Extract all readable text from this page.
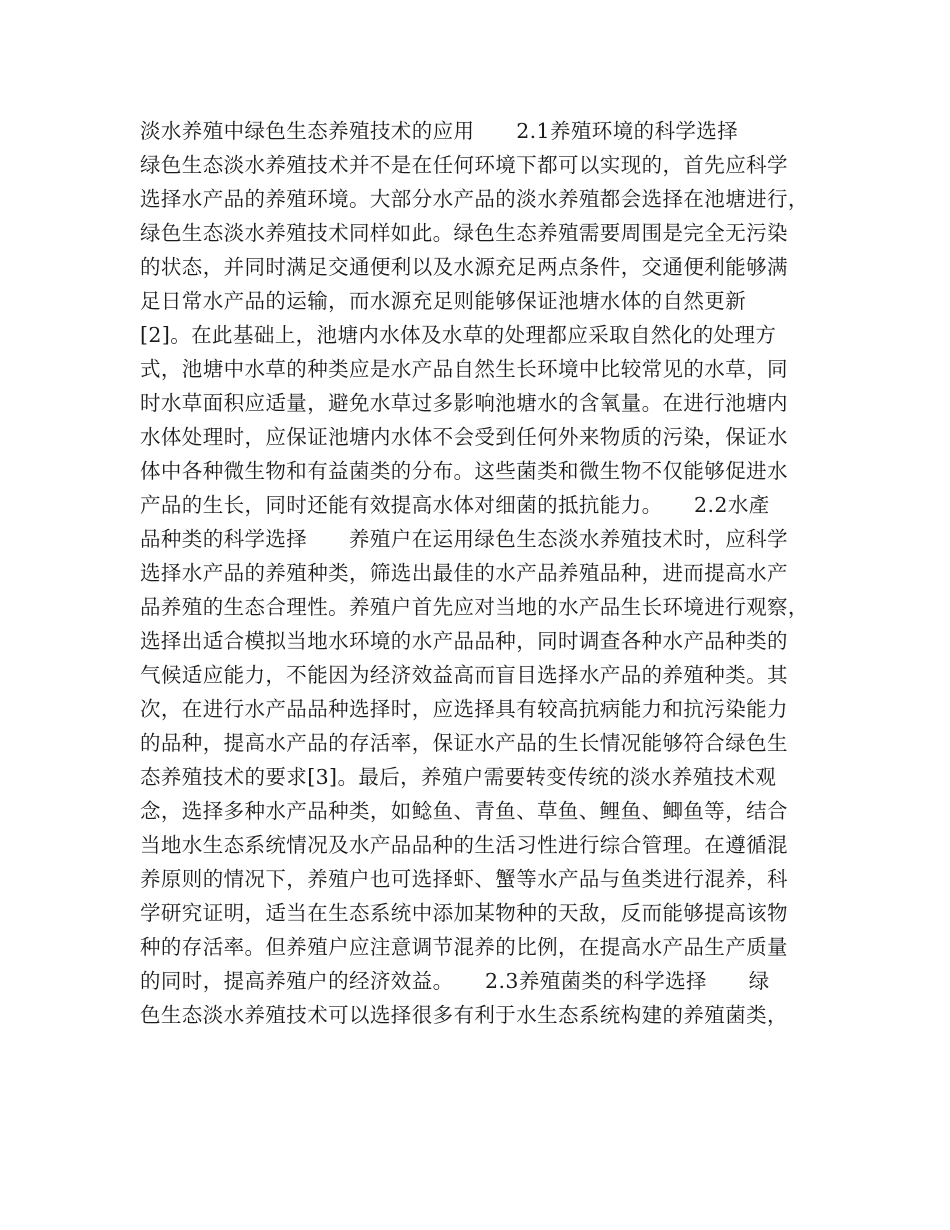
淡水养殖中绿色生态养殖技术的应用　　2.1养殖环境的科学选择
绿色生态淡水养殖技术并不是在任何环境下都可以实现的，首先应科学
选择水产品的养殖环境。大部分水产品的淡水养殖都会选择在池塘进行，
绿色生态淡水养殖技术同样如此。绿色生态养殖需要周围是完全无污染
的状态，并同时满足交通便利以及水源充足两点条件，交通便利能够满
足日常水产品的运输，而水源充足则能够保证池塘水体的自然更新
[2]。在此基础上，池塘内水体及水草的处理都应采取自然化的处理方
式，池塘中水草的种类应是水产品自然生长环境中比较常见的水草，同
时水草面积应适量，避免水草过多影响池塘水的含氧量。在进行池塘内
水体处理时，应保证池塘内水体不会受到任何外来物质的污染，保证水
体中各种微生物和有益菌类的分布。这些菌类和微生物不仅能够促进水
产品的生长，同时还能有效提高水体对细菌的抵抗能力。　　2.2水產
品种类的科学选择　　养殖户在运用绿色生态淡水养殖技术时，应科学
选择水产品的养殖种类，筛选出最佳的水产品养殖品种，进而提高水产
品养殖的生态合理性。养殖户首先应对当地的水产品生长环境进行观察，
选择出适合模拟当地水环境的水产品品种，同时调查各种水产品种类的
气候适应能力，不能因为经济效益高而盲目选择水产品的养殖种类。其
次，在进行水产品品种选择时，应选择具有较高抗病能力和抗污染能力
的品种，提高水产品的存活率，保证水产品的生长情况能够符合绿色生
态养殖技术的要求[3]。最后，养殖户需要转变传统的淡水养殖技术观
念，选择多种水产品种类，如鲶鱼、青鱼、草鱼、鲤鱼、鲫鱼等，结合
当地水生态系统情况及水产品品种的生活习性进行综合管理。在遵循混
养原则的情况下，养殖户也可选择虾、蟹等水产品与鱼类进行混养，科
学研究证明，适当在生态系统中添加某物种的天敌，反而能够提高该物
种的存活率。但养殖户应注意调节混养的比例，在提高水产品生产质量
的同时，提高养殖户的经济效益。　　2.3养殖菌类的科学选择　　绿
色生态淡水养殖技术可以选择很多有利于水生态系统构建的养殖菌类，
